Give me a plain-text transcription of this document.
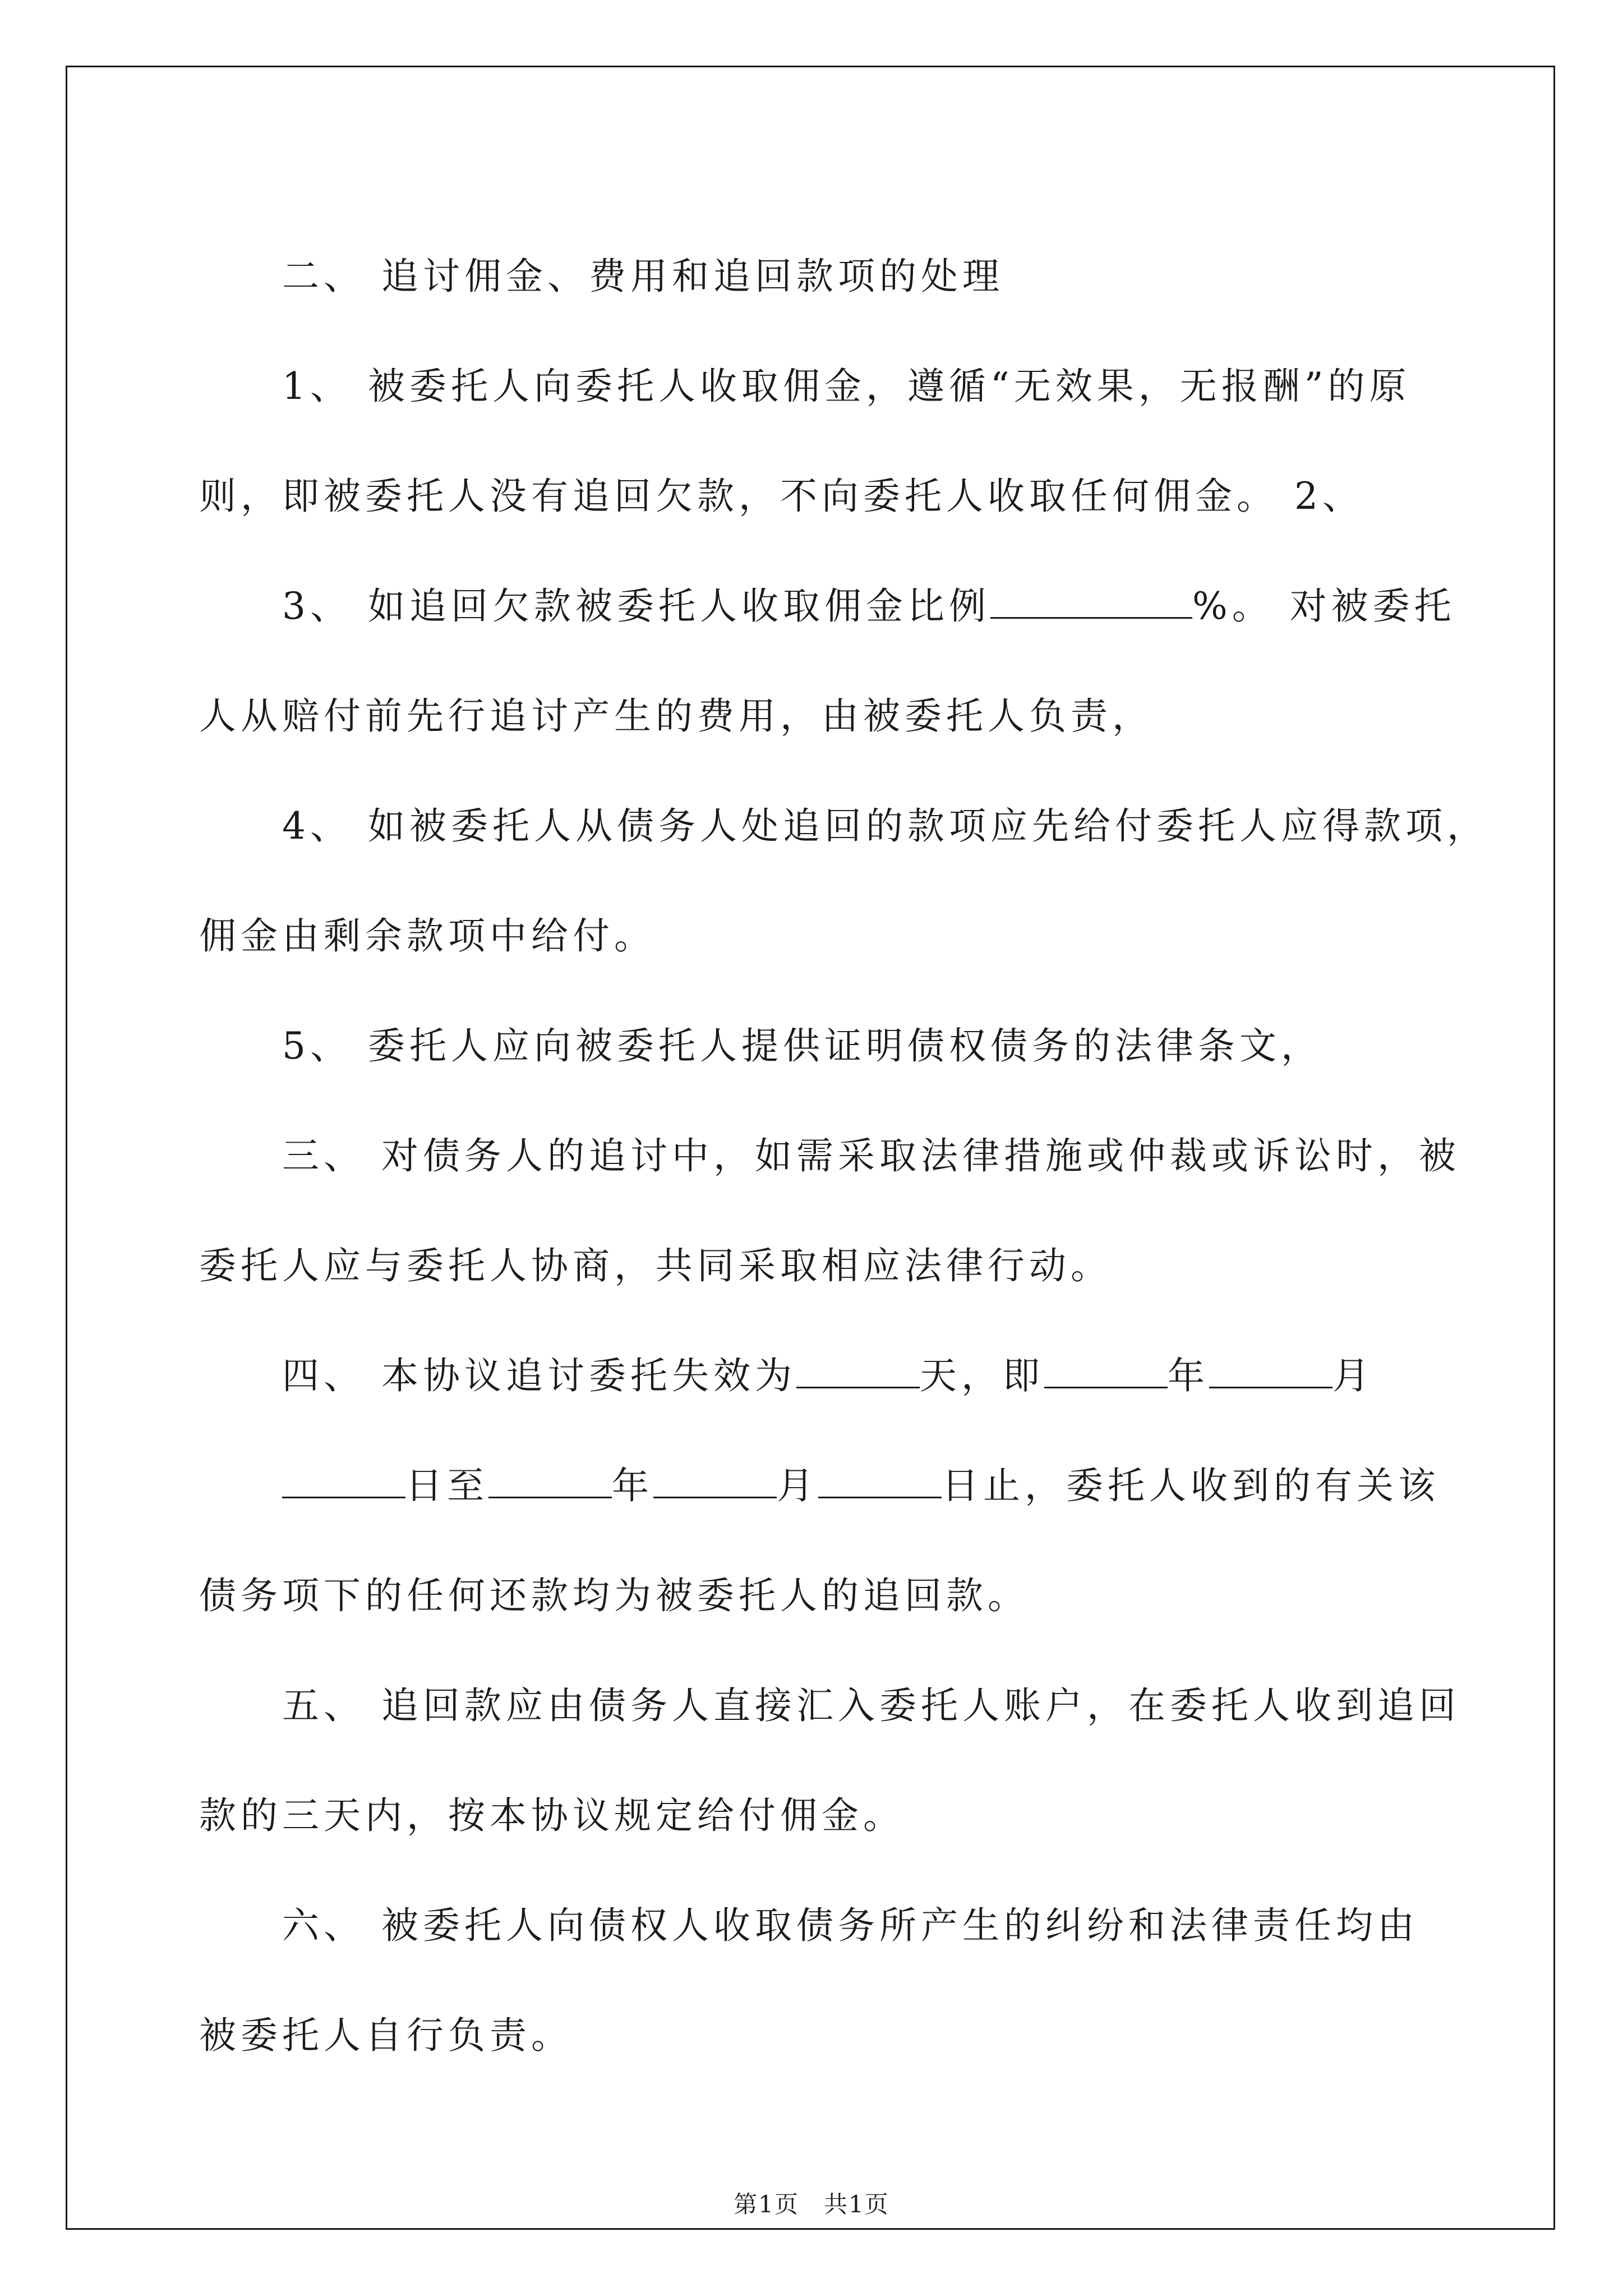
二、 追讨佣金、费用和追回款项的处理

1、 被委托人向委托人收取佣金，遵循“无效果，无报酬”的原

则，即被委托人没有追回欠款，不向委托人收取任何佣金。 2、

3、 如追回欠款被委托人收取佣金比例	%。 对被委托

人从赔付前先行追讨产生的费用，由被委托人负责，

4、 如被委托人从债务人处追回的款项应先给付委托人应得款项，

佣金由剩余款项中给付。

5、 委托人应向被委托人提供证明债权债务的法律条文，

三、 对债务人的追讨中，如需采取法律措施或仲裁或诉讼时，被

委托人应与委托人协商，共同采取相应法律行动。

四、 本协议追讨委托失效为	天，即	年	月

日至	年	月	日止，委托人收到的有关该

债务项下的任何还款均为被委托人的追回款。

五、 追回款应由债务人直接汇入委托人账户，在委托人收到追回

款的三天内，按本协议规定给付佣金。

六、 被委托人向债权人收取债务所产生的纠纷和法律责任均由

被委托人自行负责。

第1页　共1页
